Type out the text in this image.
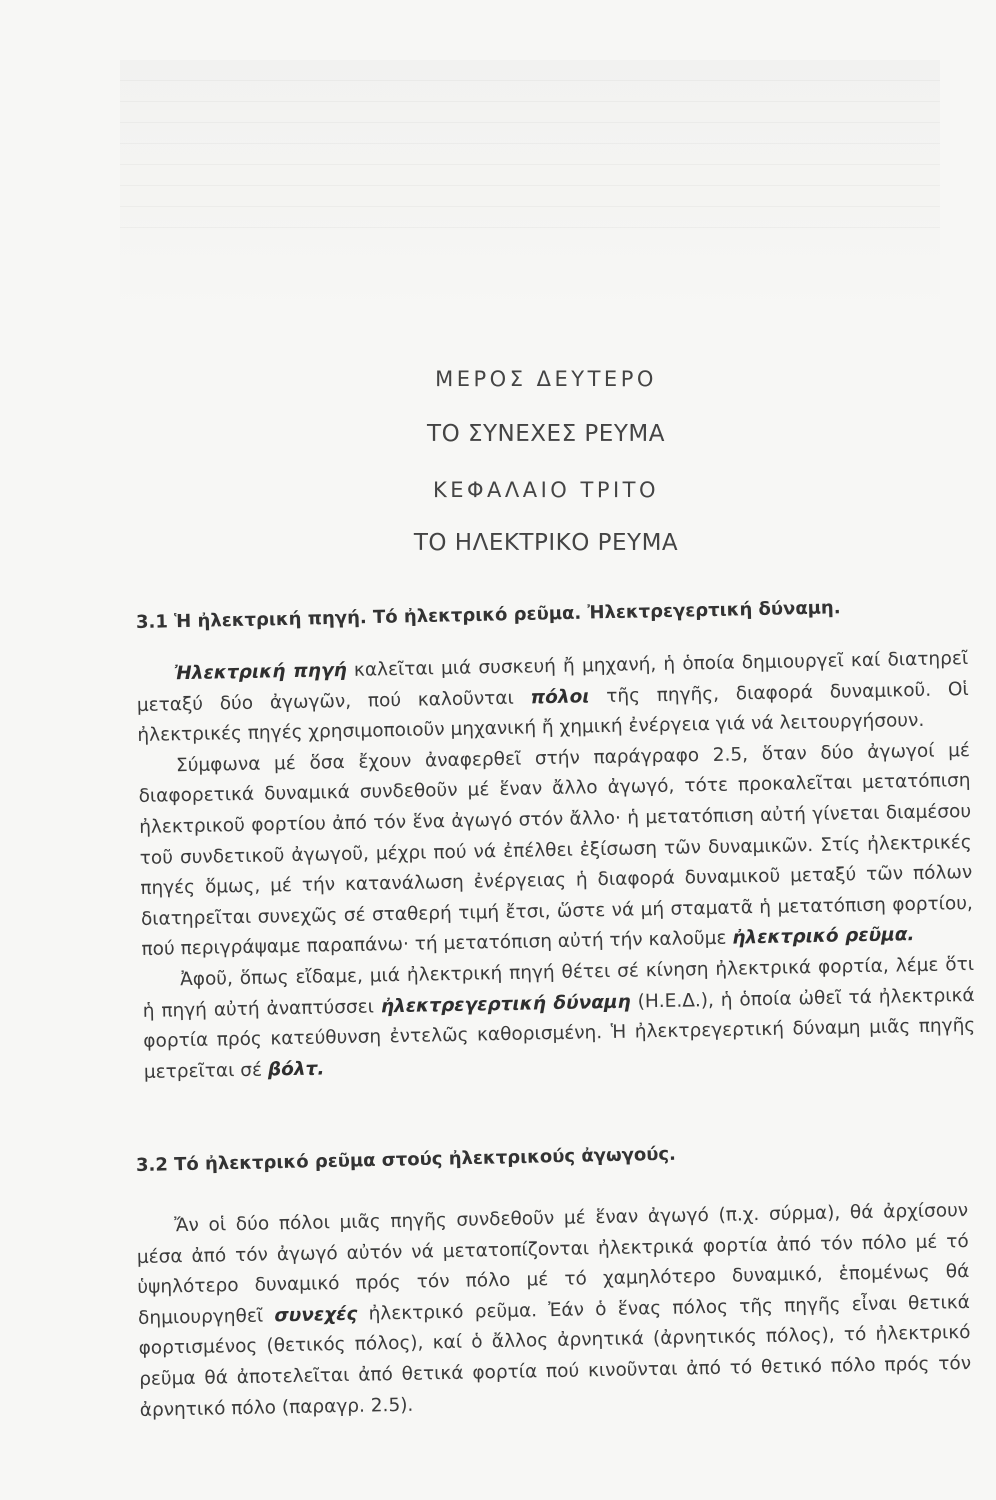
ΜΕΡΟΣ ΔΕΥΤΕΡΟ
ΤΟ ΣΥΝΕΧΕΣ ΡΕΥΜΑ
ΚΕΦΑΛΑΙΟ ΤΡΙΤΟ
ΤΟ ΗΛΕΚΤΡΙΚΟ ΡΕΥΜΑ
3.1 Ἡ ἠλεκτρική πηγή. Τό ἠλεκτρικό ρεῦμα. Ἠλεκτρεγερτική δύναμη.

Ἠλεκτρική πηγή καλεῖται μιά συσκευή ἤ μηχανή, ἡ ὁποία δημιουργεῖ καί διατηρεῖ μεταξύ δύο ἀγωγῶν, πού καλοῦνται πόλοι τῆς πηγῆς, διαφορά δυναμικοῦ. Οἱ ἠλεκτρικές πηγές χρησιμοποιοῦν μηχανική ἤ χημική ἐνέργεια γιά νά λειτουργήσουν.

Σύμφωνα μέ ὅσα ἔχουν ἀναφερθεῖ στήν παράγραφο 2.5, ὅταν δύο ἀγωγοί μέ διαφορετικά δυναμικά συνδεθοῦν μέ ἕναν ἄλλο ἀγωγό, τότε προκαλεῖται μετατόπιση ἠλεκτρικοῦ φορτίου ἀπό τόν ἕνα ἀγωγό στόν ἄλλο· ἡ μετατόπιση αὐτή γίνεται διαμέσου τοῦ συνδετικοῦ ἀγωγοῦ, μέχρι πού νά ἐπέλθει ἐξίσωση τῶν δυναμικῶν. Στίς ἠλεκτρικές πηγές ὅμως, μέ τήν κατανάλωση ἐνέργειας ἡ διαφορά δυναμικοῦ μεταξύ τῶν πόλων διατηρεῖται συνεχῶς σέ σταθερή τιμή ἔτσι, ὥστε νά μή σταματᾶ ἡ μετατόπιση φορτίου, πού περιγράψαμε παραπάνω· τή μετατόπιση αὐτή τήν καλοῦμε ἠλεκτρικό ρεῦμα.

Ἀφοῦ, ὅπως εἴδαμε, μιά ἠλεκτρική πηγή θέτει σέ κίνηση ἠλεκτρικά φορτία, λέμε ὅτι ἡ πηγή αὐτή ἀναπτύσσει ἠλεκτρεγερτική δύναμη (Η.Ε.Δ.), ἡ ὁποία ὠθεῖ τά ἠλεκτρικά φορτία πρός κατεύθυνση ἐντελῶς καθορισμένη. Ἡ ἠλεκτρεγερτική δύναμη μιᾶς πηγῆς μετρεῖται σέ βόλτ.

3.2 Τό ἠλεκτρικό ρεῦμα στούς ἠλεκτρικούς ἀγωγούς.

Ἄν οἱ δύο πόλοι μιᾶς πηγῆς συνδεθοῦν μέ ἕναν ἀγωγό (π.χ. σύρμα), θά ἀρχίσουν μέσα ἀπό τόν ἀγωγό αὐτόν νά μετατοπίζονται ἠλεκτρικά φορτία ἀπό τόν πόλο μέ τό ὑψηλότερο δυναμικό πρός τόν πόλο μέ τό χαμηλότερο δυναμικό, ἑπομένως θά δημιουργηθεῖ συνεχές ἠλεκτρικό ρεῦμα. Ἐάν ὁ ἕνας πόλος τῆς πηγῆς εἶναι θετικά φορτισμένος (θετικός πόλος), καί ὁ ἄλλος ἀρνητικά (ἀρνητικός πόλος), τό ἠλεκτρικό ρεῦμα θά ἀποτελεῖται ἀπό θετικά φορτία πού κινοῦνται ἀπό τό θετικό πόλο πρός τόν ἀρνητικό πόλο (παραγρ. 2.5).
